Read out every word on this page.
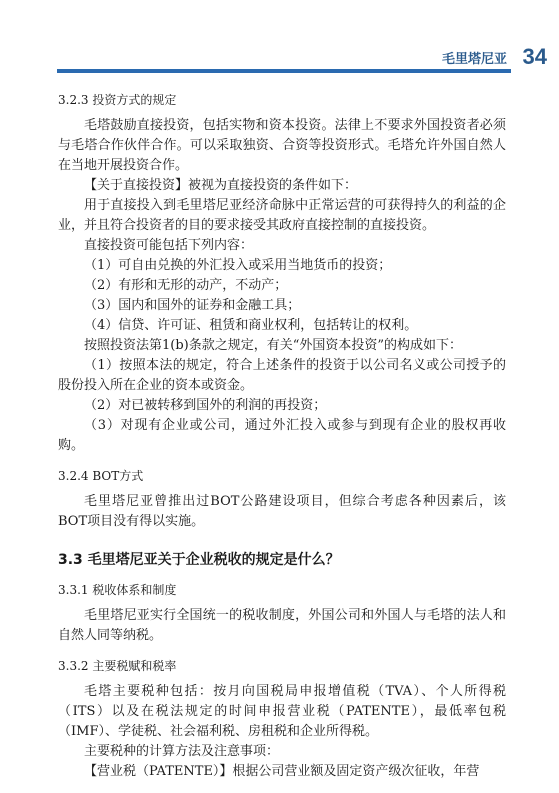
毛里塔尼亚 34
3.2.3 投资方式的规定

毛塔鼓励直接投资，包括实物和资本投资。法律上不要求外国投资者必须与毛塔合作伙伴合作。可以采取独资、合资等投资形式。毛塔允许外国自然人在当地开展投资合作。

【关于直接投资】被视为直接投资的条件如下：

用于直接投入到毛里塔尼亚经济命脉中正常运营的可获得持久的利益的企业，并且符合投资者的目的要求接受其政府直接控制的直接投资。

直接投资可能包括下列内容：

（1）可自由兑换的外汇投入或采用当地货币的投资；

（2）有形和无形的动产，不动产；

（3）国内和国外的证券和金融工具；

（4）信贷、许可证、租赁和商业权利，包括转让的权利。

按照投资法第1(b)条款之规定，有关“外国资本投资”的构成如下：

（1）按照本法的规定，符合上述条件的投资于以公司名义或公司授予的股份投入所在企业的资本或资金。

（2）对已被转移到国外的利润的再投资；

（3）对现有企业或公司，通过外汇投入或参与到现有企业的股权再收购。

3.2.4 BOT方式

毛里塔尼亚曾推出过BOT公路建设项目，但综合考虑各种因素后，该BOT项目没有得以实施。

3.3 毛里塔尼亚关于企业税收的规定是什么？
3.3.1 税收体系和制度

毛里塔尼亚实行全国统一的税收制度，外国公司和外国人与毛塔的法人和自然人同等纳税。

3.3.2 主要税赋和税率

毛塔主要税种包括：按月向国税局申报增值税（TVA）、个人所得税（ITS）以及在税法规定的时间申报营业税（PATENTE），最低率包税（IMF）、学徒税、社会福利税、房租税和企业所得税。

主要税种的计算方法及注意事项：

【营业税（PATENTE）】根据公司营业额及固定资产级次征收，年营
